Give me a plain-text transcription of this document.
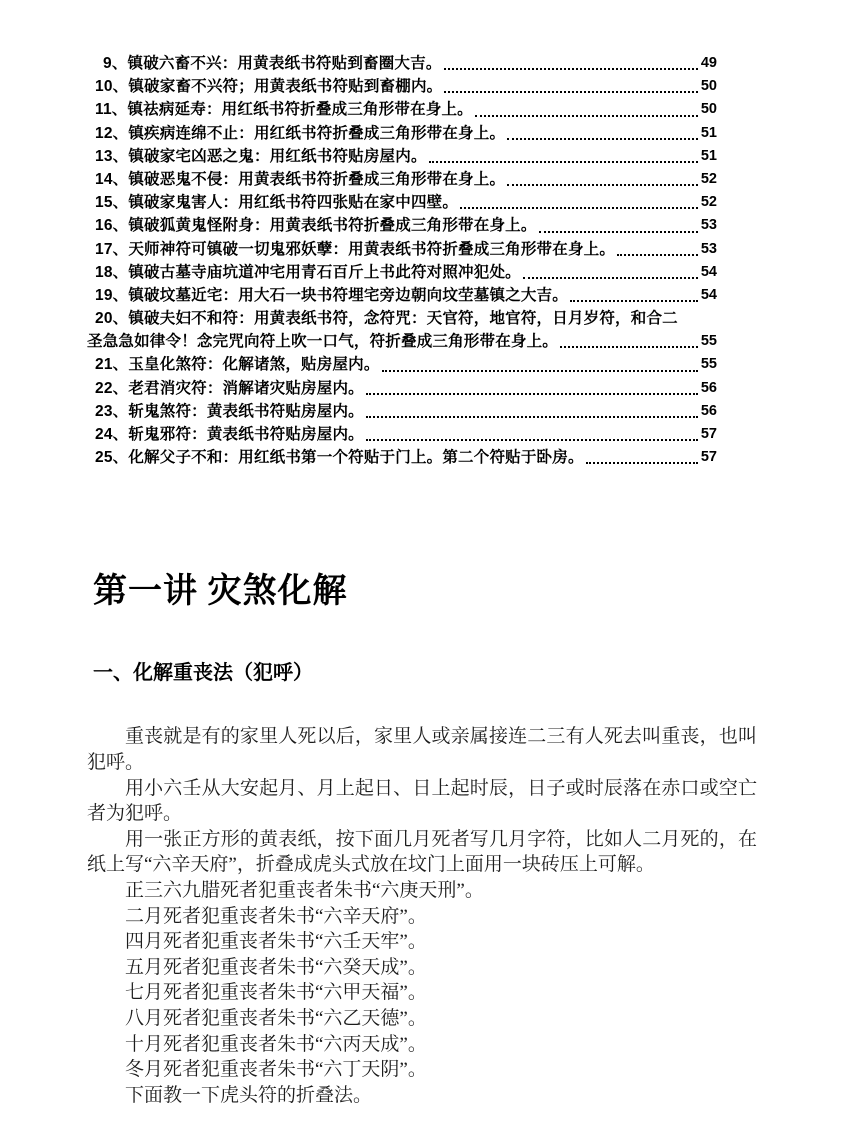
9、镇破六畜不兴：用黄表纸书符贴到畜圈大吉。	49
10、镇破家畜不兴符；用黄表纸书符贴到畜棚内。	50
11、镇祛病延寿：用红纸书符折叠成三角形带在身上。	50
12、镇疾病连绵不止：用红纸书符折叠成三角形带在身上。	51
13、镇破家宅凶恶之鬼：用红纸书符贴房屋内。	51
14、镇破恶鬼不侵：用黄表纸书符折叠成三角形带在身上。	52
15、镇破家鬼害人：用红纸书符四张贴在家中四壁。	52
16、镇破狐黄鬼怪附身：用黄表纸书符折叠成三角形带在身上。	53
17、天师神符可镇破一切鬼邪妖孽：用黄表纸书符折叠成三角形带在身上。	53
18、镇破古墓寺庙坑道冲宅用青石百斤上书此符对照冲犯处。	54
19、镇破坟墓近宅：用大石一块书符埋宅旁边朝向坟茔墓镇之大吉。	54
20、镇破夫妇不和符：用黄表纸书符，念符咒：天官符，地官符，日月岁符，和合二
圣急急如律令！念完咒向符上吹一口气，符折叠成三角形带在身上。	55
21、玉皇化煞符：化解诸煞，贴房屋内。	55
22、老君消灾符：消解诸灾贴房屋内。	56
23、斩鬼煞符：黄表纸书符贴房屋内。	56
24、斩鬼邪符：黄表纸书符贴房屋内。	57
25、化解父子不和：用红纸书第一个符贴于门上。第二个符贴于卧房。	57
第一讲 灾煞化解
一、化解重丧法（犯呼）

重丧就是有的家里人死以后，家里人或亲属接连二三有人死去叫重丧，也叫犯呼。

用小六壬从大安起月、月上起日、日上起时辰，日子或时辰落在赤口或空亡者为犯呼。

用一张正方形的黄表纸，按下面几月死者写几月字符，比如人二月死的，在纸上写“六辛天府”，折叠成虎头式放在坟门上面用一块砖压上可解。

正三六九腊死者犯重丧者朱书“六庚天刑”。

二月死者犯重丧者朱书“六辛天府”。

四月死者犯重丧者朱书“六壬天牢”。

五月死者犯重丧者朱书“六癸天成”。

七月死者犯重丧者朱书“六甲天福”。

八月死者犯重丧者朱书“六乙天德”。

十月死者犯重丧者朱书“六丙天成”。

冬月死者犯重丧者朱书“六丁天阴”。

下面教一下虎头符的折叠法。
